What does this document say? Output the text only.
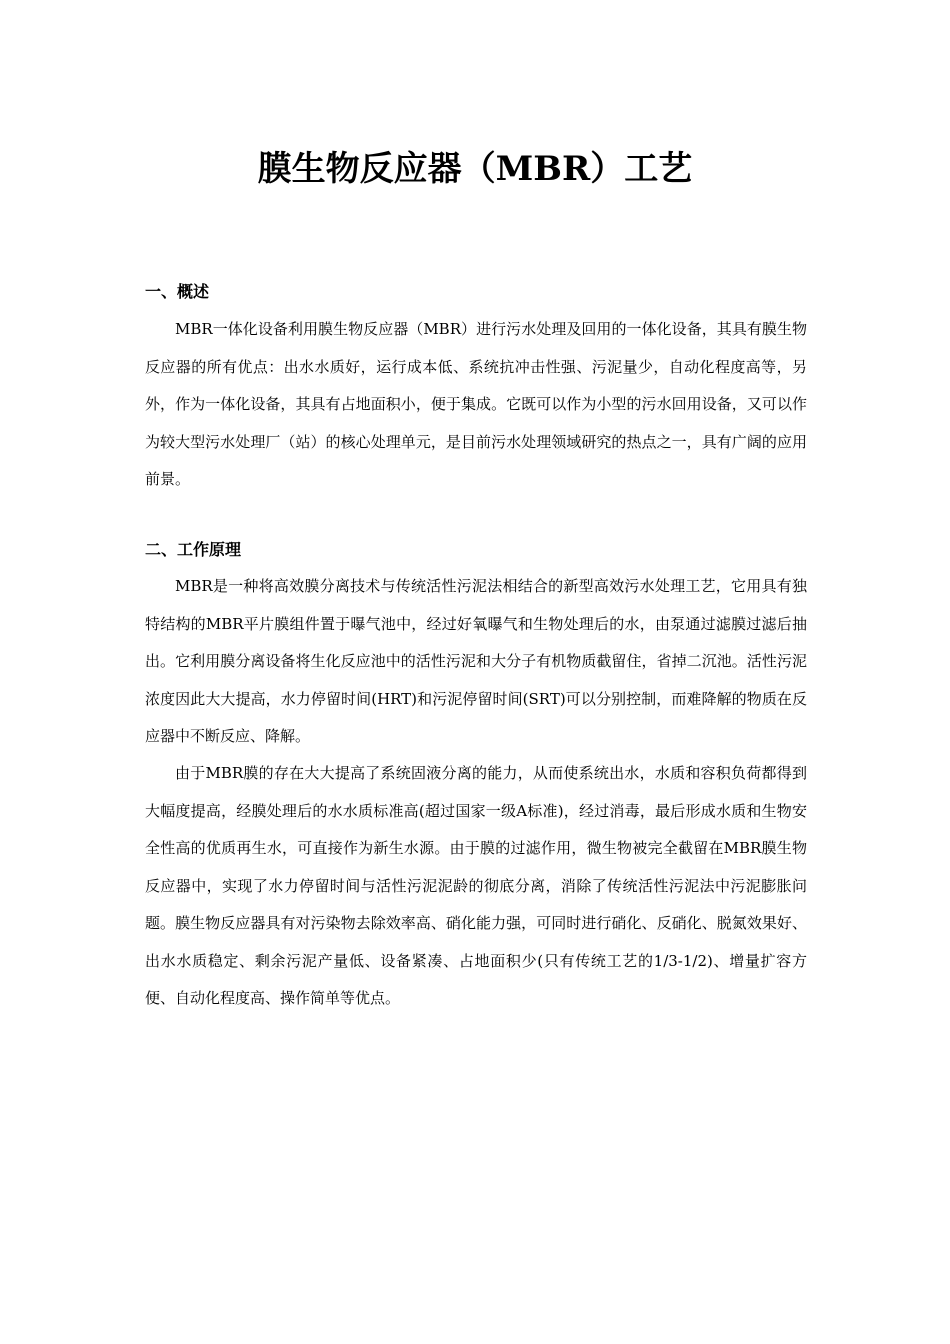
膜生物反应器（MBR）工艺
一、概述

MBR一体化设备利用膜生物反应器（MBR）进行污水处理及回用的一体化设备，其具有膜生物反应器的所有优点：出水水质好，运行成本低、系统抗冲击性强、污泥量少，自动化程度高等，另外，作为一体化设备，其具有占地面积小，便于集成。它既可以作为小型的污水回用设备，又可以作为较大型污水处理厂（站）的核心处理单元，是目前污水处理领域研究的热点之一，具有广阔的应用前景。

二、工作原理

MBR是一种将高效膜分离技术与传统活性污泥法相结合的新型高效污水处理工艺，它用具有独特结构的MBR平片膜组件置于曝气池中，经过好氧曝气和生物处理后的水，由泵通过滤膜过滤后抽出。它利用膜分离设备将生化反应池中的活性污泥和大分子有机物质截留住，省掉二沉池。活性污泥浓度因此大大提高，水力停留时间(HRT)和污泥停留时间(SRT)可以分别控制，而难降解的物质在反应器中不断反应、降解。

由于MBR膜的存在大大提高了系统固液分离的能力，从而使系统出水，水质和容积负荷都得到大幅度提高，经膜处理后的水水质标准高(超过国家一级A标准)，经过消毒，最后形成水质和生物安全性高的优质再生水，可直接作为新生水源。由于膜的过滤作用，微生物被完全截留在MBR膜生物反应器中，实现了水力停留时间与活性污泥泥龄的彻底分离，消除了传统活性污泥法中污泥膨胀问题。膜生物反应器具有对污染物去除效率高、硝化能力强，可同时进行硝化、反硝化、脱氮效果好、出水水质稳定、剩余污泥产量低、设备紧凑、占地面积少(只有传统工艺的1/3-1/2)、增量扩容方便、自动化程度高、操作简单等优点。
